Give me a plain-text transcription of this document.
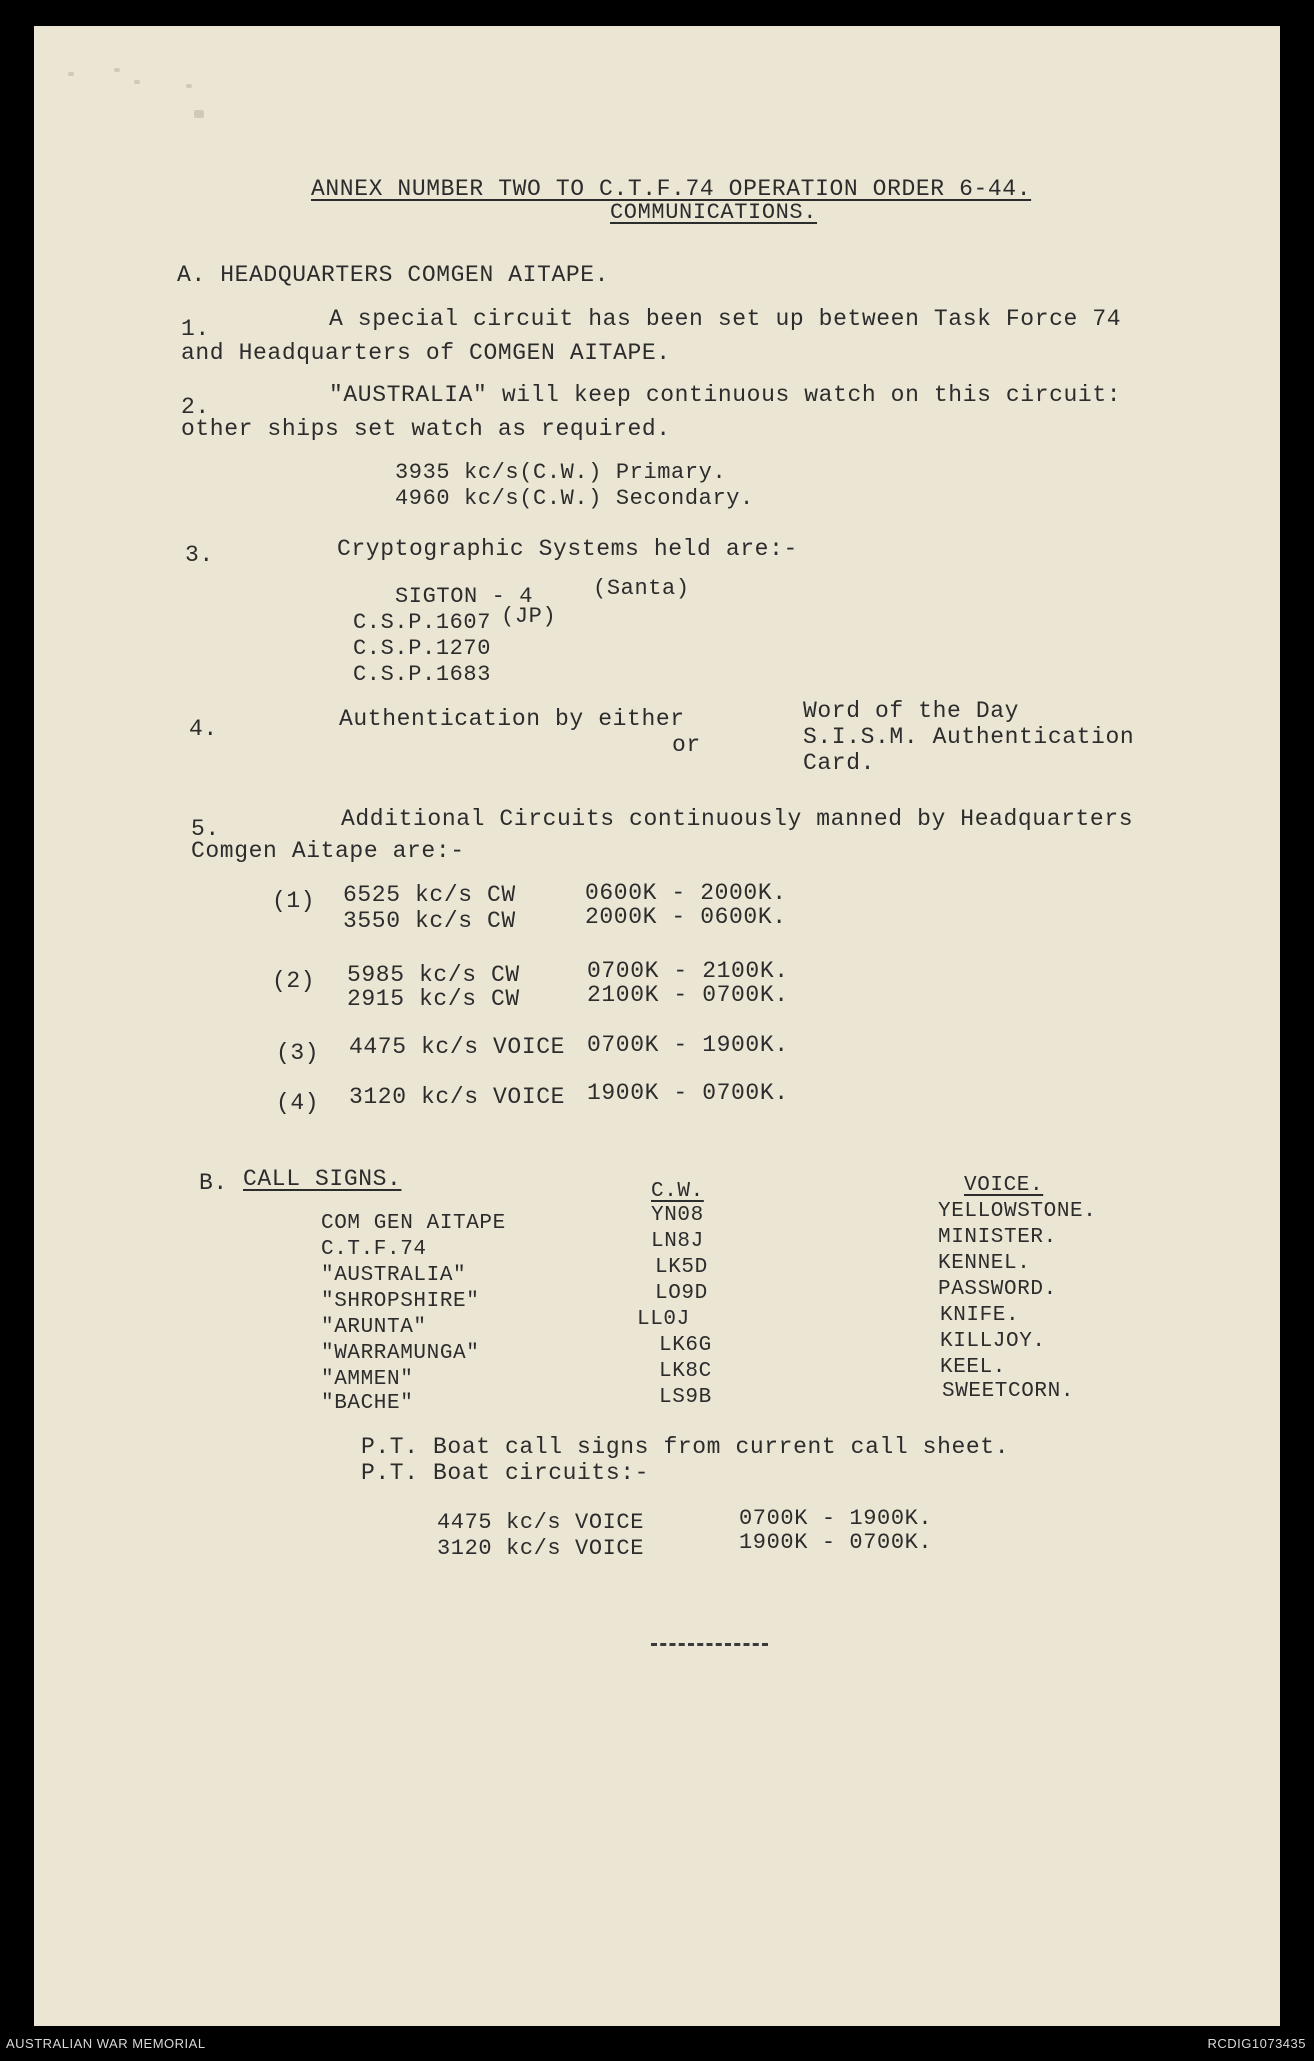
ANNEX NUMBER TWO TO C.T.F.74 OPERATION ORDER 6-44.
COMMUNICATIONS.
A. HEADQUARTERS COMGEN AITAPE.
1.	A special circuit has been set up between Task Force 74
and Headquarters of COMGEN AITAPE.
2.	"AUSTRALIA" will keep continuous watch on this circuit:
other ships set watch as required.
3935 kc/s(C.W.) Primary.
4960 kc/s(C.W.) Secondary.
3.	Cryptographic Systems held are:-
SIGTON - 4	(Santa)
C.S.P.1607 (JP)
C.S.P.1270
C.S.P.1683
4.	Authentication by either
or
Word of the Day
S.I.S.M. Authentication
Card.
5.	Additional Circuits continuously manned by Headquarters
Comgen Aitape are:-
(1) 6525 kc/s CW	0600K - 2000K.
3550 kc/s CW	2000K - 0600K.
(2) 5985 kc/s CW	0700K - 2100K.
2915 kc/s CW	2100K - 0700K.
(3) 4475 kc/s VOICE 0700K - 1900K.
(4) 3120 kc/s VOICE 1900K - 0700K.
B. CALL SIGNS.	C.W.	VOICE.
COM GEN AITAPE	YN08	YELLOWSTONE.
C.T.F.74	LN8J	MINISTER.
"AUSTRALIA"	LK5D	KENNEL.
"SHROPSHIRE"	LO9D	PASSWORD.
"ARUNTA"	LL0J	KNIFE.
"WARRAMUNGA"	LK6G	KILLJOY.
"AMMEN"	LK8C	KEEL.
"BACHE"	LS9B	SWEETCORN.
P.T. Boat call signs from current call sheet.
P.T. Boat circuits:-
4475 kc/s VOICE	0700K - 1900K.
3120 kc/s VOICE	1900K - 0700K.
AUSTRALIAN WAR MEMORIAL	RCDIG1073435
